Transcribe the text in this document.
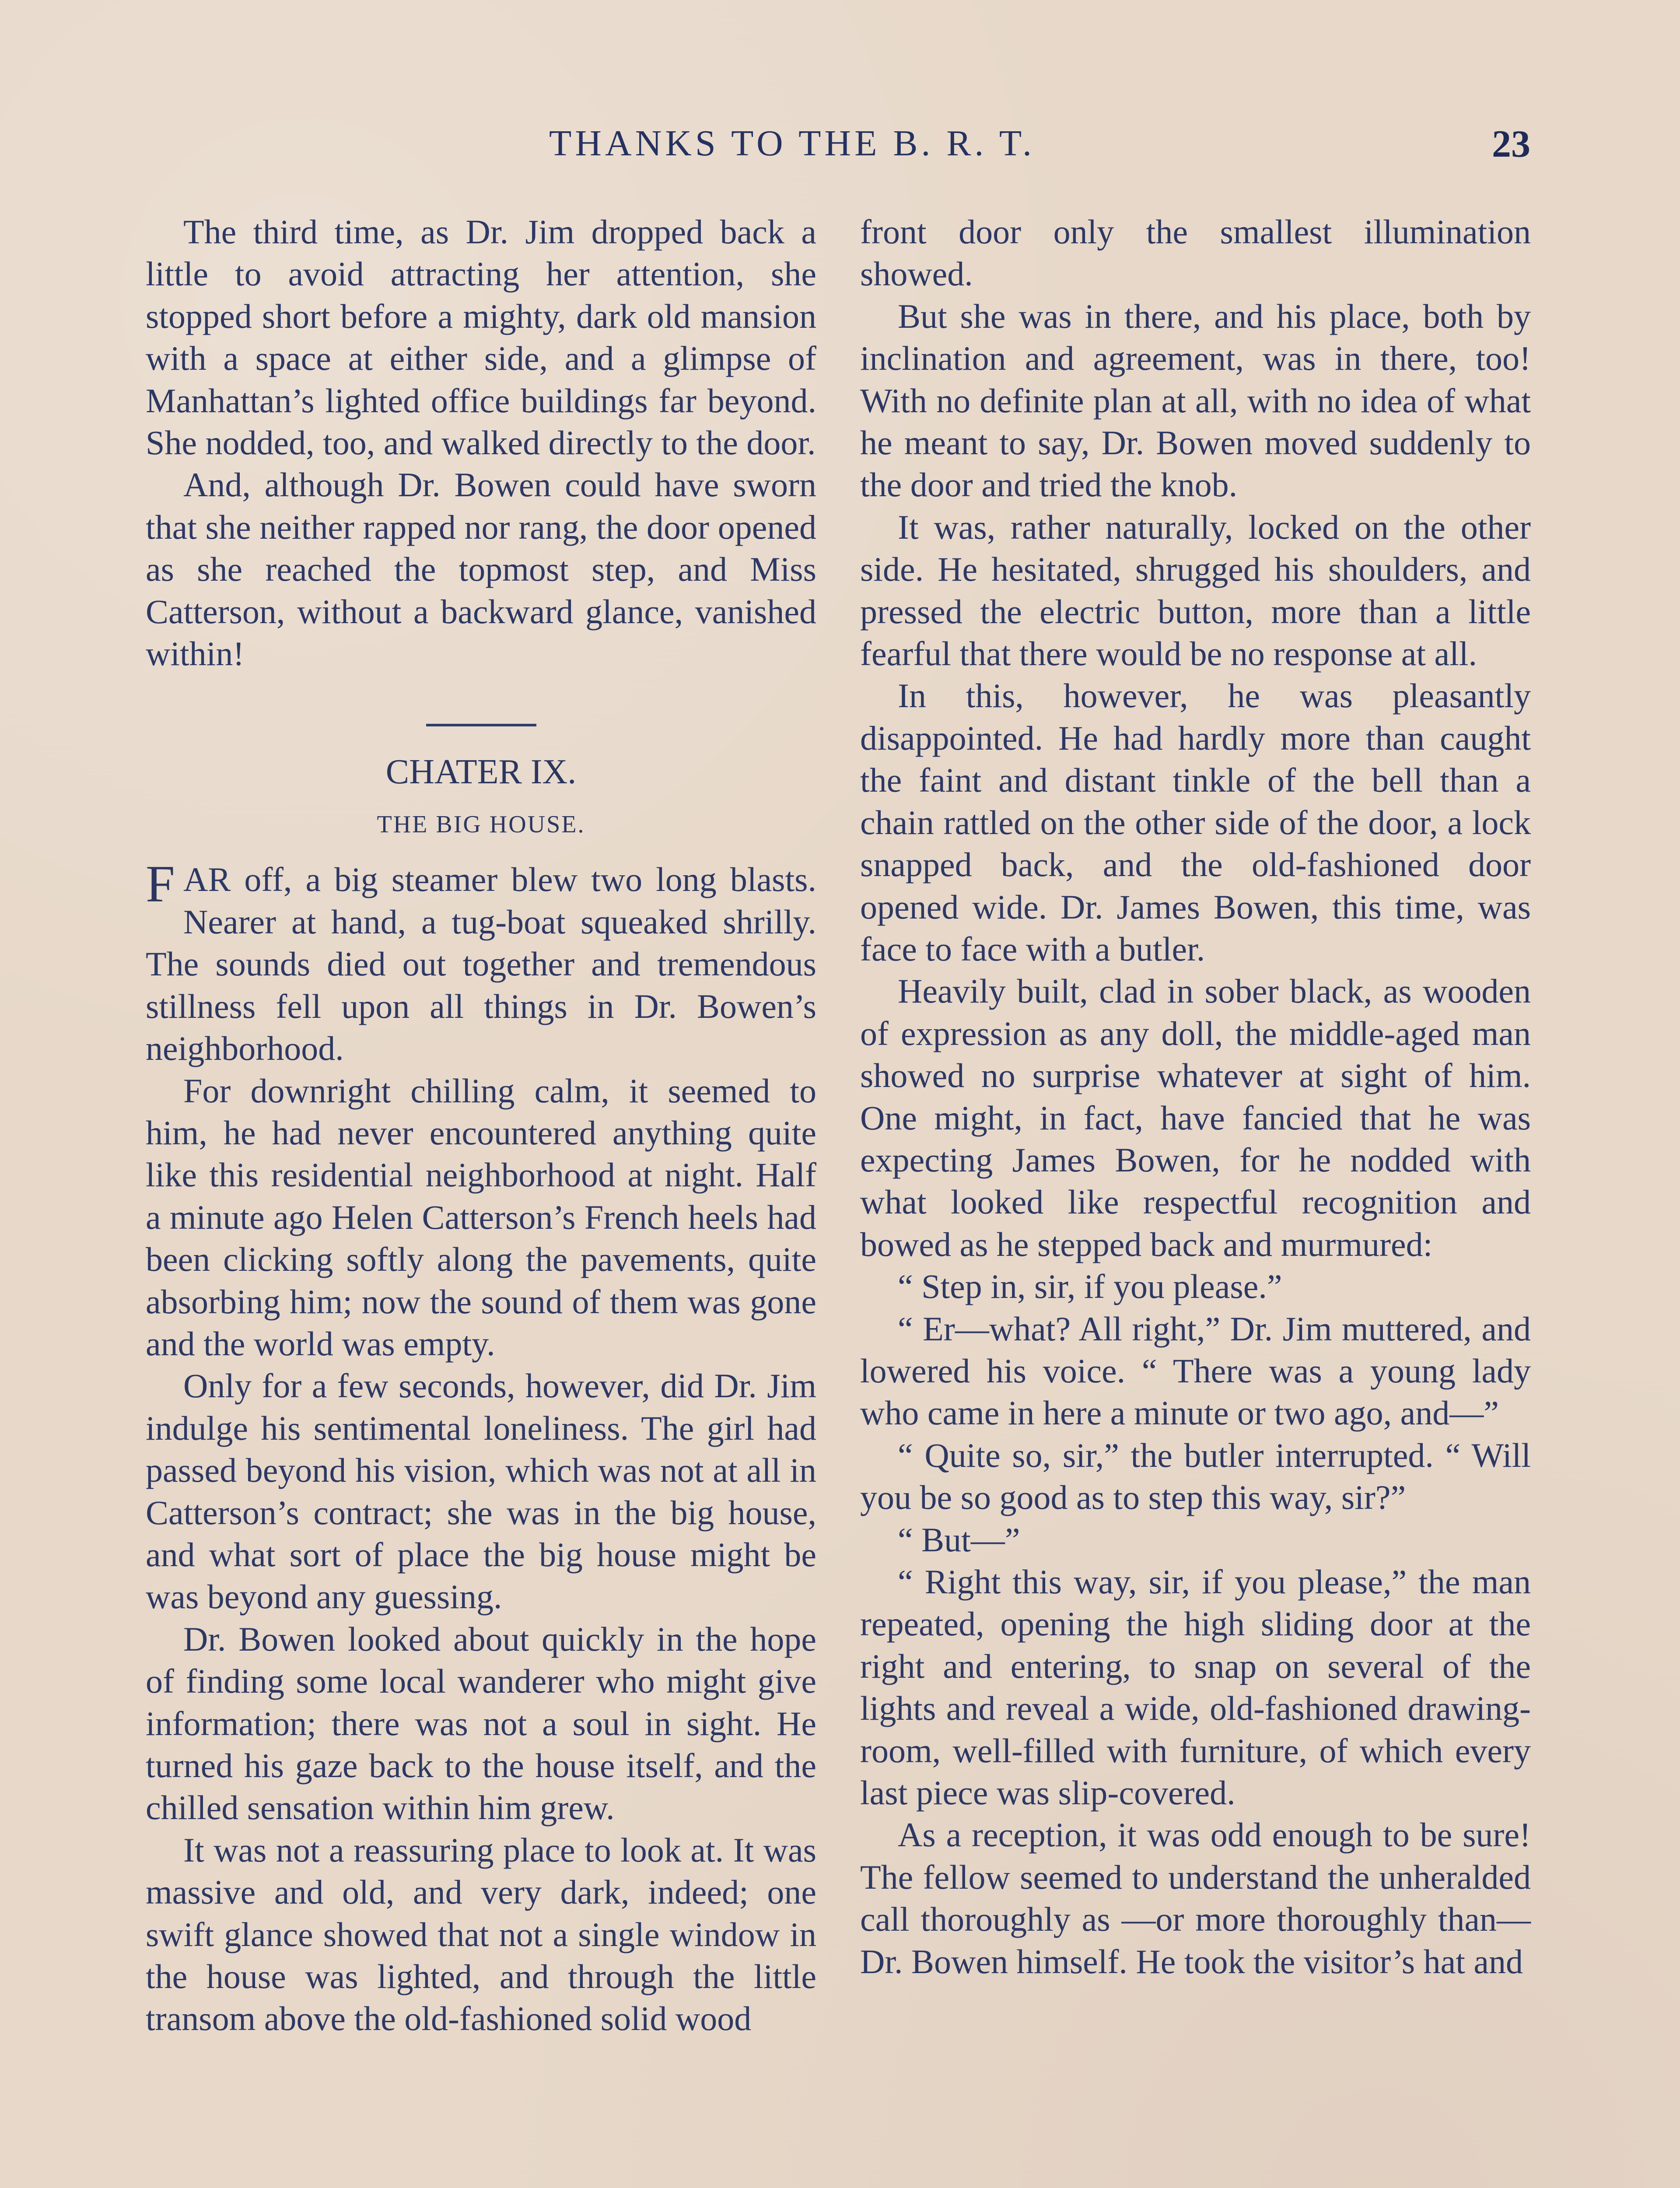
THANKS TO THE B. R. T.	23

The third time, as Dr. Jim dropped back a little to avoid attracting her attention, she stopped short before a mighty, dark old mansion with a space at either side, and a glimpse of Manhattan’s lighted office buildings far beyond. She nodded, too, and walked directly to the door.

And, although Dr. Bowen could have sworn that she neither rapped nor rang, the door opened as she reached the topmost step, and Miss Catterson, without a backward glance, vanished within!

CHATER IX.
THE BIG HOUSE.

F AR off, a big steamer blew two long blasts. Nearer at hand, a tug-boat squeaked shrilly. The sounds died out together and tremendous stillness fell upon all things in Dr. Bowen’s neighborhood.

For downright chilling calm, it seemed to him, he had never encountered anything quite like this residential neighborhood at night. Half a minute ago Helen Catterson’s French heels had been clicking softly along the pavements, quite absorbing him; now the sound of them was gone and the world was empty.

Only for a few seconds, however, did Dr. Jim indulge his sentimental loneliness. The girl had passed beyond his vision, which was not at all in Catterson’s contract; she was in the big house, and what sort of place the big house might be was beyond any guessing.

Dr. Bowen looked about quickly in the hope of finding some local wanderer who might give information; there was not a soul in sight. He turned his gaze back to the house itself, and the chilled sensation within him grew.

It was not a reassuring place to look at. It was massive and old, and very dark, indeed; one swift glance showed that not a single window in the house was lighted, and through the little transom above the old-fashioned solid wood

front door only the smallest illumination showed.

But she was in there, and his place, both by inclination and agreement, was in there, too! With no definite plan at all, with no idea of what he meant to say, Dr. Bowen moved suddenly to the door and tried the knob.

It was, rather naturally, locked on the other side. He hesitated, shrugged his shoulders, and pressed the electric button, more than a little fearful that there would be no response at all.

In this, however, he was pleasantly disappointed. He had hardly more than caught the faint and distant tinkle of the bell than a chain rattled on the other side of the door, a lock snapped back, and the old-fashioned door opened wide. Dr. James Bowen, this time, was face to face with a butler.

Heavily built, clad in sober black, as wooden of expression as any doll, the middle-aged man showed no surprise whatever at sight of him. One might, in fact, have fancied that he was expecting James Bowen, for he nodded with what looked like respectful recognition and bowed as he stepped back and murmured:

“ Step in, sir, if you please.”

“ Er—what? All right,” Dr. Jim muttered, and lowered his voice. “ There was a young lady who came in here a minute or two ago, and—”

“ Quite so, sir,” the butler interrupted. “ Will you be so good as to step this way, sir?”

“ But—”

“ Right this way, sir, if you please,” the man repeated, opening the high sliding door at the right and entering, to snap on several of the lights and reveal a wide, old-fashioned drawing-room, well-filled with furniture, of which every last piece was slip-covered.

As a reception, it was odd enough to be sure! The fellow seemed to understand the unheralded call thoroughly as —or more thoroughly than—Dr. Bowen himself. He took the visitor’s hat and
